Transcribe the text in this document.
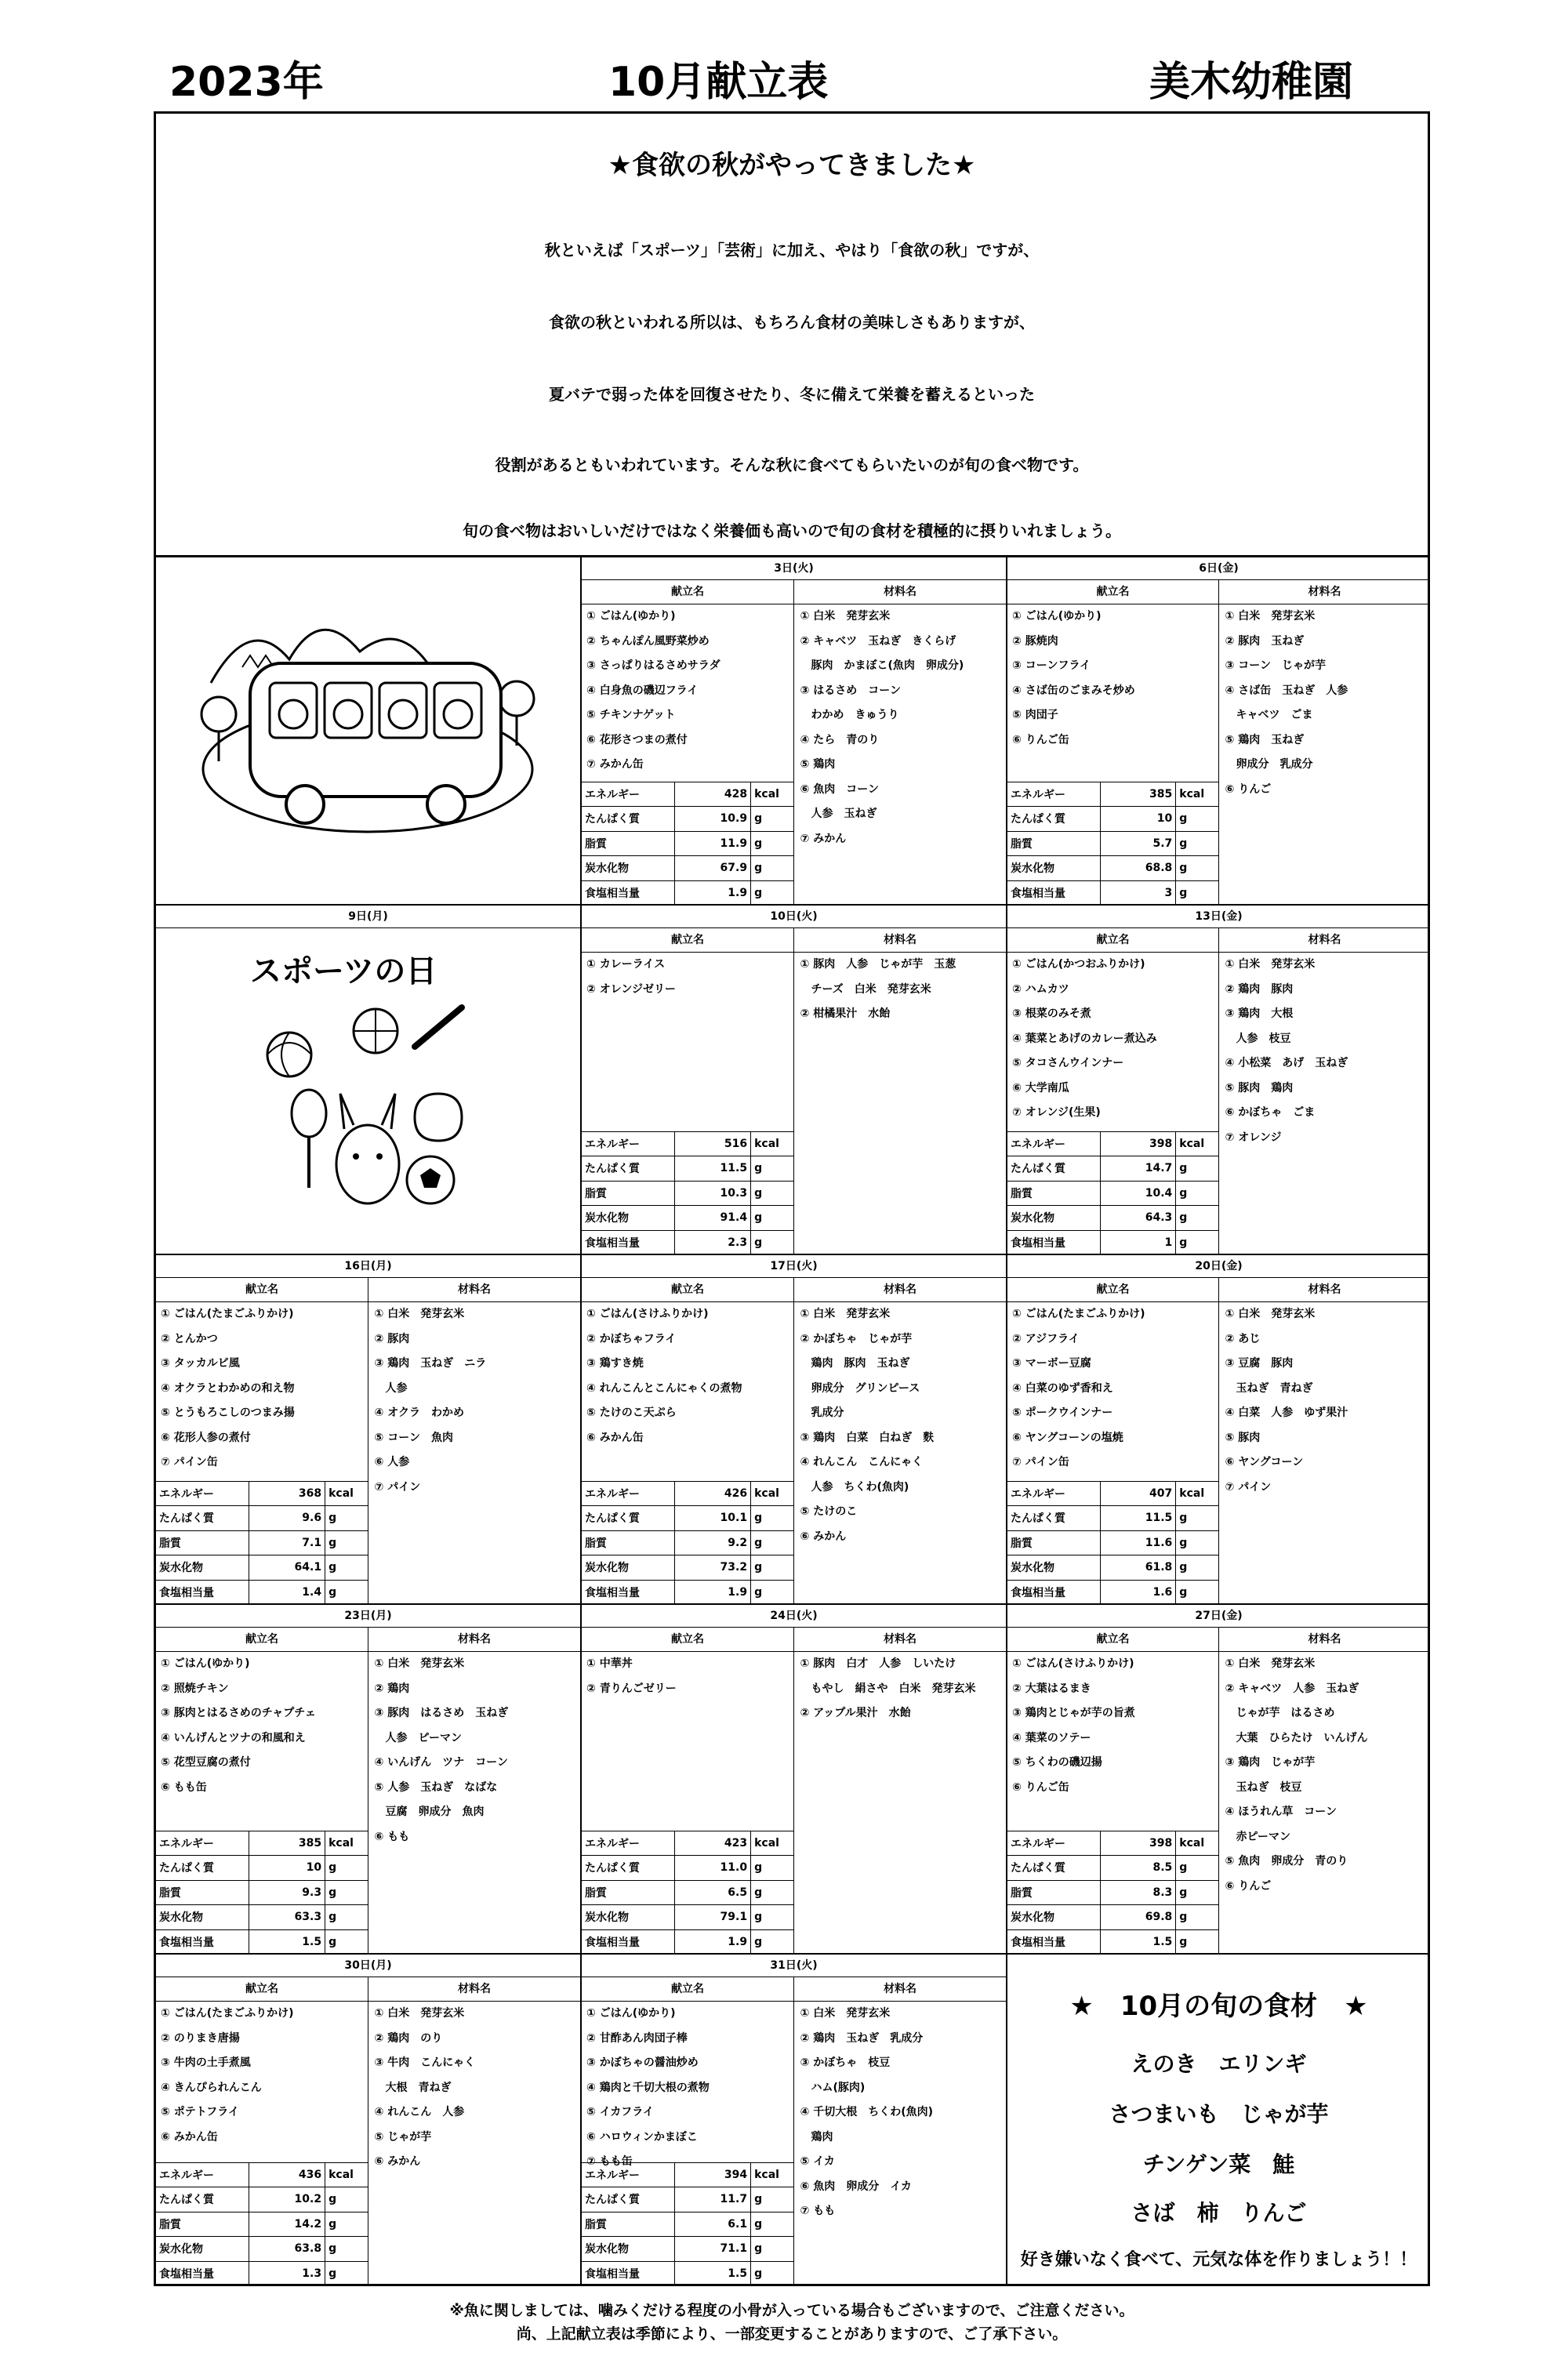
2023年	10月献立表	美木幼稚園
★食欲の秋がやってきました★
秋といえば「スポーツ」「芸術」に加え、やはり「食欲の秋」ですが、
食欲の秋といわれる所以は、もちろん食材の美味しさもありますが、
夏バテで弱った体を回復させたり、冬に備えて栄養を蓄えるといった
役割があるともいわれています。そんな秋に食べてもらいたいのが旬の食べ物です。
旬の食べ物はおいしいだけではなく栄養価も高いので旬の食材を積極的に摂りいれましょう。
3日(火)
献立名	材料名
① ごはん(ゆかり)
② ちゃんぽん風野菜炒め
③ さっぱりはるさめサラダ
④ 白身魚の磯辺フライ
⑤ チキンナゲット
⑥ 花形さつまの煮付
⑦ みかん缶
エネルギー	428	kcal
たんぱく質	10.9	g
脂質	11.9	g
炭水化物	67.9	g
食塩相当量	1.9	g
① 白米　発芽玄米
② キャベツ　玉ねぎ　きくらげ
　豚肉　かまぼこ(魚肉　卵成分)
③ はるさめ　コーン
　わかめ　きゅうり
④ たら　青のり
⑤ 鶏肉
⑥ 魚肉　コーン
　人参　玉ねぎ
⑦ みかん
6日(金)
献立名	材料名
① ごはん(ゆかり)
② 豚焼肉
③ コーンフライ
④ さば缶のごまみそ炒め
⑤ 肉団子
⑥ りんご缶
エネルギー	385	kcal
たんぱく質	10	g
脂質	5.7	g
炭水化物	68.8	g
食塩相当量	3	g
① 白米　発芽玄米
② 豚肉　玉ねぎ
③ コーン　じゃが芋
④ さば缶　玉ねぎ　人参
　キャベツ　ごま
⑤ 鶏肉　玉ねぎ
　卵成分　乳成分
⑥ りんご
9日(月)
スポーツの日
10日(火)
献立名	材料名
① カレーライス
② オレンジゼリー
エネルギー	516	kcal
たんぱく質	11.5	g
脂質	10.3	g
炭水化物	91.4	g
食塩相当量	2.3	g
① 豚肉　人参　じゃが芋　玉葱
　チーズ　白米　発芽玄米
② 柑橘果汁　水飴
13日(金)
献立名	材料名
① ごはん(かつおふりかけ)
② ハムカツ
③ 根菜のみそ煮
④ 葉菜とあげのカレー煮込み
⑤ タコさんウインナー
⑥ 大学南瓜
⑦ オレンジ(生果)
エネルギー	398	kcal
たんぱく質	14.7	g
脂質	10.4	g
炭水化物	64.3	g
食塩相当量	1	g
① 白米　発芽玄米
② 鶏肉　豚肉
③ 鶏肉　大根
　人参　枝豆
④ 小松菜　あげ　玉ねぎ
⑤ 豚肉　鶏肉
⑥ かぼちゃ　ごま
⑦ オレンジ
16日(月)
献立名	材料名
① ごはん(たまごふりかけ)
② とんかつ
③ タッカルビ風
④ オクラとわかめの和え物
⑤ とうもろこしのつまみ揚
⑥ 花形人参の煮付
⑦ パイン缶
エネルギー	368	kcal
たんぱく質	9.6	g
脂質	7.1	g
炭水化物	64.1	g
食塩相当量	1.4	g
① 白米　発芽玄米
② 豚肉
③ 鶏肉　玉ねぎ　ニラ
　人参
④ オクラ　わかめ
⑤ コーン　魚肉
⑥ 人参
⑦ パイン
17日(火)
献立名	材料名
① ごはん(さけふりかけ)
② かぼちゃフライ
③ 鶏すき焼
④ れんこんとこんにゃくの煮物
⑤ たけのこ天ぷら
⑥ みかん缶
エネルギー	426	kcal
たんぱく質	10.1	g
脂質	9.2	g
炭水化物	73.2	g
食塩相当量	1.9	g
① 白米　発芽玄米
② かぼちゃ　じゃが芋
　鶏肉　豚肉　玉ねぎ
　卵成分　グリンピース
　乳成分
③ 鶏肉　白菜　白ねぎ　麩
④ れんこん　こんにゃく
　人参　ちくわ(魚肉)
⑤ たけのこ
⑥ みかん
20日(金)
献立名	材料名
① ごはん(たまごふりかけ)
② アジフライ
③ マーボー豆腐
④ 白菜のゆず香和え
⑤ ポークウインナー
⑥ ヤングコーンの塩焼
⑦ パイン缶
エネルギー	407	kcal
たんぱく質	11.5	g
脂質	11.6	g
炭水化物	61.8	g
食塩相当量	1.6	g
① 白米　発芽玄米
② あじ
③ 豆腐　豚肉
　玉ねぎ　青ねぎ
④ 白菜　人参　ゆず果汁
⑤ 豚肉
⑥ ヤングコーン
⑦ パイン
23日(月)
献立名	材料名
① ごはん(ゆかり)
② 照焼チキン
③ 豚肉とはるさめのチャプチェ
④ いんげんとツナの和風和え
⑤ 花型豆腐の煮付
⑥ もも缶
エネルギー	385	kcal
たんぱく質	10	g
脂質	9.3	g
炭水化物	63.3	g
食塩相当量	1.5	g
① 白米　発芽玄米
② 鶏肉
③ 豚肉　はるさめ　玉ねぎ
　人参　ピーマン
④ いんげん　ツナ　コーン
⑤ 人参　玉ねぎ　なばな
　豆腐　卵成分　魚肉
⑥ もも
24日(火)
献立名	材料名
① 中華丼
② 青りんごゼリー
エネルギー	423	kcal
たんぱく質	11.0	g
脂質	6.5	g
炭水化物	79.1	g
食塩相当量	1.9	g
① 豚肉　白才　人参　しいたけ
　もやし　絹さや　白米　発芽玄米
② アップル果汁　水飴
27日(金)
献立名	材料名
① ごはん(さけふりかけ)
② 大葉はるまき
③ 鶏肉とじゃが芋の旨煮
④ 葉菜のソテー
⑤ ちくわの磯辺揚
⑥ りんご缶
エネルギー	398	kcal
たんぱく質	8.5	g
脂質	8.3	g
炭水化物	69.8	g
食塩相当量	1.5	g
① 白米　発芽玄米
② キャベツ　人参　玉ねぎ
　じゃが芋　はるさめ
　大葉　ひらたけ　いんげん
③ 鶏肉　じゃが芋
　玉ねぎ　枝豆
④ ほうれん草　コーン
　赤ピーマン
⑤ 魚肉　卵成分　青のり
⑥ りんご
30日(月)
献立名	材料名
① ごはん(たまごふりかけ)
② のりまき唐揚
③ 牛肉の土手煮風
④ きんぴられんこん
⑤ ポテトフライ
⑥ みかん缶
エネルギー	436	kcal
たんぱく質	10.2	g
脂質	14.2	g
炭水化物	63.8	g
食塩相当量	1.3	g
① 白米　発芽玄米
② 鶏肉　のり
③ 牛肉　こんにゃく
　大根　青ねぎ
④ れんこん　人参
⑤ じゃが芋
⑥ みかん
31日(火)
献立名	材料名
① ごはん(ゆかり)
② 甘酢あん肉団子棒
③ かぼちゃの醤油炒め
④ 鶏肉と千切大根の煮物
⑤ イカフライ
⑥ ハロウィンかまぼこ
⑦ もも缶
エネルギー	394	kcal
たんぱく質	11.7	g
脂質	6.1	g
炭水化物	71.1	g
食塩相当量	1.5	g
① 白米　発芽玄米
② 鶏肉　玉ねぎ　乳成分
③ かぼちゃ　枝豆
　ハム(豚肉)
④ 千切大根　ちくわ(魚肉)
　鶏肉
⑤ イカ
⑥ 魚肉　卵成分　イカ
⑦ もも
★　10月の旬の食材　★
えのき　エリンギ
さつまいも　じゃが芋
チンゲン菜　鮭
さば　柿　りんご
好き嫌いなく食べて、元気な体を作りましょう！！
※魚に関しましては、噛みくだける程度の小骨が入っている場合もございますので、ご注意ください。
尚、上記献立表は季節により、一部変更することがありますので、ご了承下さい。
